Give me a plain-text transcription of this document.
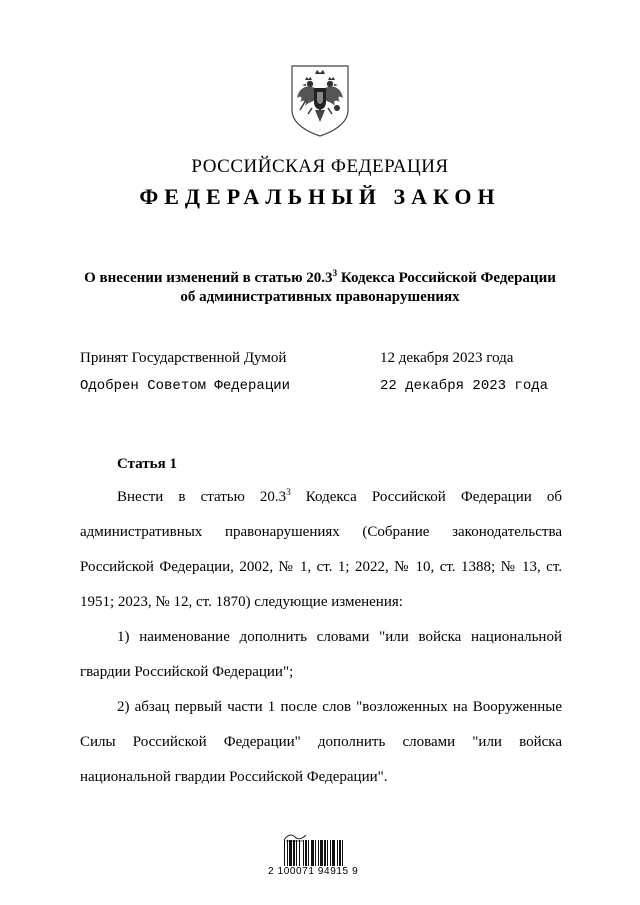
РОССИЙСКАЯ ФЕДЕРАЦИЯ
ФЕДЕРАЛЬНЫЙ ЗАКОН
О внесении изменений в статью 20.3$^3$ Кодекса Российской Федерации
об административных правонарушениях
Принят Государственной Думой	12 декабря 2023 года
Одобрен Советом Федерации	22 декабря 2023 года
Статья 1
Внести в статью 20.3$^3$ Кодекса Российской Федерации об административных правонарушениях (Собрание законодательства Российской Федерации, 2002, № 1, ст. 1; 2022, № 10, ст. 1388; № 13, ст. 1951; 2023, № 12, ст. 1870) следующие изменения:
1) наименование дополнить словами "или войска национальной гвардии Российской Федерации";
2) абзац первый части 1 после слов "возложенных на Вооруженные Силы Российской Федерации" дополнить словами "или войска национальной гвардии Российской Федерации".
2 100071 94915 9
